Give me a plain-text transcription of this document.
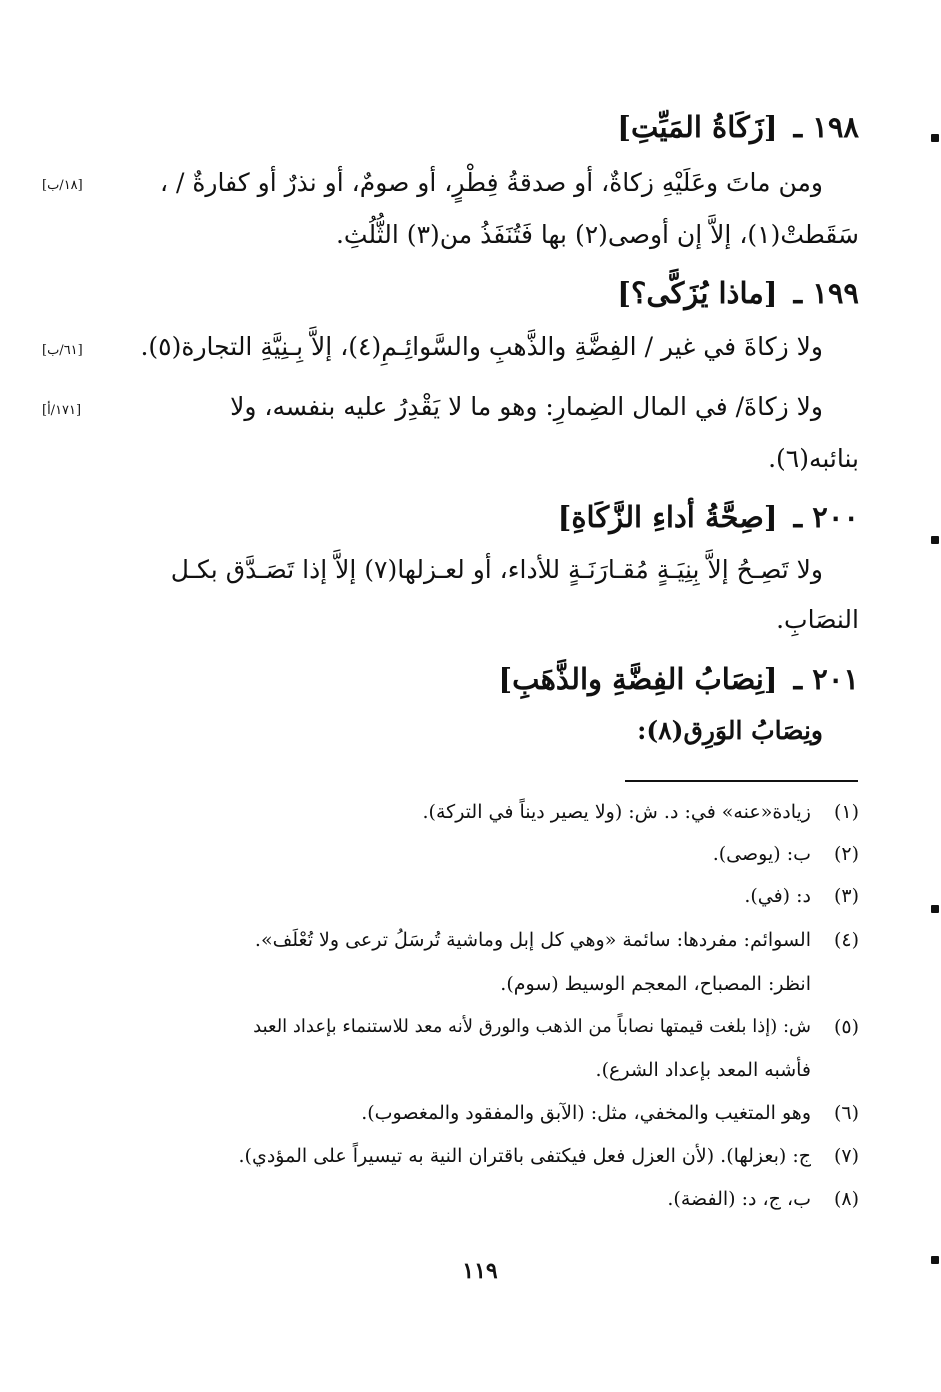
١٩٨ ـ [زَكَاةُ المَيِّتِ]
ومن ماتَ وعَلَيْهِ زكاةٌ، أو صدقةُ فِطْرٍ، أو صومٌ، أو نذرٌ أو كفارةٌ / ،
[١٨/ب]
سَقَطتْ(١)، إلاَّ إن أوصى(٢) بها فَتُنَفَذُ من(٣) الثُّلُثِ.
١٩٩ ـ [ماذا يُزَكَّى؟]
ولا زكاةَ في غير / الفِضَّةِ والذَّهبِ والسَّوائِـمِ(٤)، إلاَّ بِـنِيَّةِ التجارة(٥).
[٦١/ب]
ولا زكاةَ/ في المال الضِمارِ: وهو ما لا يَقْدِرُ عليه بنفسه، ولا
[١٧١/أ]
بنائبه(٦).
٢٠٠ ـ [صِحَّةُ أداءِ الزَّكَاةِ]
ولا تَصِـحُ إلاَّ بِنِيَـةٍ مُقـارَنَـةٍ للأداء، أو لعـزلها(٧) إلاَّ إذا تَصَـدَّق بكـل
النصَابِ.
٢٠١ ـ [نِصَابُ الفِضَّةِ والذَّهَبِ]
ونِصَابُ الوَرِق(٨):
(١)
زيادة«عنه» في: د. ش: (ولا يصير ديناً في التركة).
(٢)
ب: (يوصى).
(٣)
د: (في).
(٤)
السوائم: مفردها: سائمة «وهي كل إبل وماشية تُرسَلُ ترعى ولا تُعْلَف».
انظر: المصباح، المعجم الوسيط (سوم).
(٥)
ش: (إذا بلغت قيمتها نصاباً من الذهب والورق لأنه معد للاستنماء بإعداد العبد
فأشبه المعد بإعداد الشرع).
(٦)
وهو المتغيب والمخفي، مثل: (الآبق والمفقود والمغصوب).
(٧)
ج: (بعزلها). (لأن العزل فعل فيكتفى باقتران النية به تيسيراً على المؤدي).
(٨)
ب، ج، د: (الفضة).
١١٩
